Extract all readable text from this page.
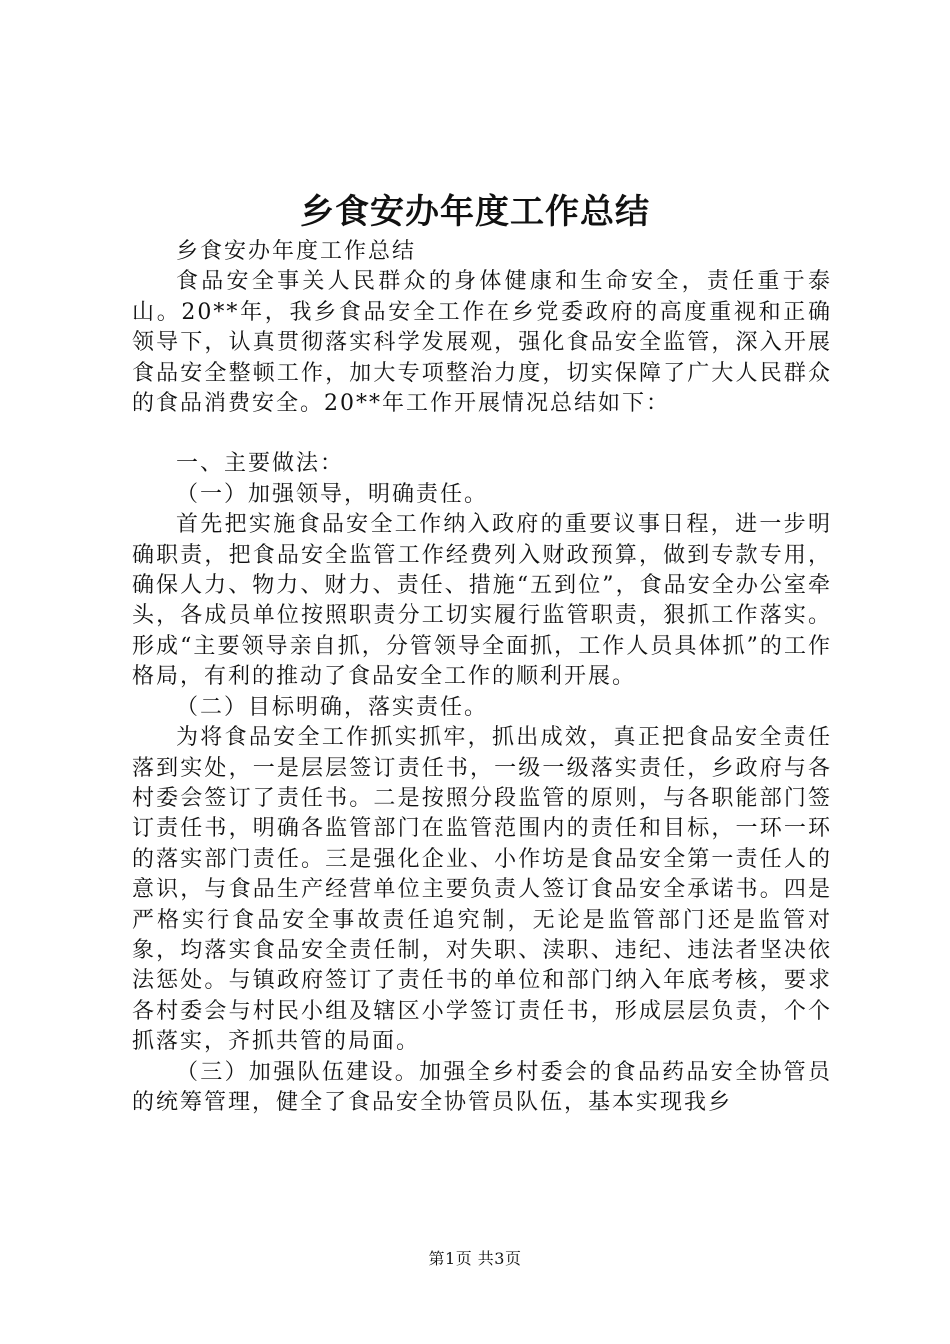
乡食安办年度工作总结

乡食安办年度工作总结

食品安全事关人民群众的身体健康和生命安全，责任重于泰山。20**年，我乡食品安全工作在乡党委政府的高度重视和正确领导下，认真贯彻落实科学发展观，强化食品安全监管，深入开展食品安全整顿工作，加大专项整治力度，切实保障了广大人民群众的食品消费安全。20**年工作开展情况总结如下：

一、主要做法：

（一）加强领导，明确责任。

首先把实施食品安全工作纳入政府的重要议事日程，进一步明确职责，把食品安全监管工作经费列入财政预算，做到专款专用，确保人力、物力、财力、责任、措施“五到位”，食品安全办公室牵头，各成员单位按照职责分工切实履行监管职责，狠抓工作落实。形成“主要领导亲自抓，分管领导全面抓，工作人员具体抓”的工作格局，有利的推动了食品安全工作的顺利开展。

（二）目标明确，落实责任。

为将食品安全工作抓实抓牢，抓出成效，真正把食品安全责任落到实处，一是层层签订责任书，一级一级落实责任，乡政府与各村委会签订了责任书。二是按照分段监管的原则，与各职能部门签订责任书，明确各监管部门在监管范围内的责任和目标，一环一环的落实部门责任。三是强化企业、小作坊是食品安全第一责任人的意识，与食品生产经营单位主要负责人签订食品安全承诺书。四是严格实行食品安全事故责任追究制，无论是监管部门还是监管对象，均落实食品安全责任制，对失职、渎职、违纪、违法者坚决依法惩处。与镇政府签订了责任书的单位和部门纳入年底考核，要求各村委会与村民小组及辖区小学签订责任书，形成层层负责，个个抓落实，齐抓共管的局面。

（三）加强队伍建设。加强全乡村委会的食品药品安全协管员的统筹管理，健全了食品安全协管员队伍，基本实现我乡

第1页 共3页
